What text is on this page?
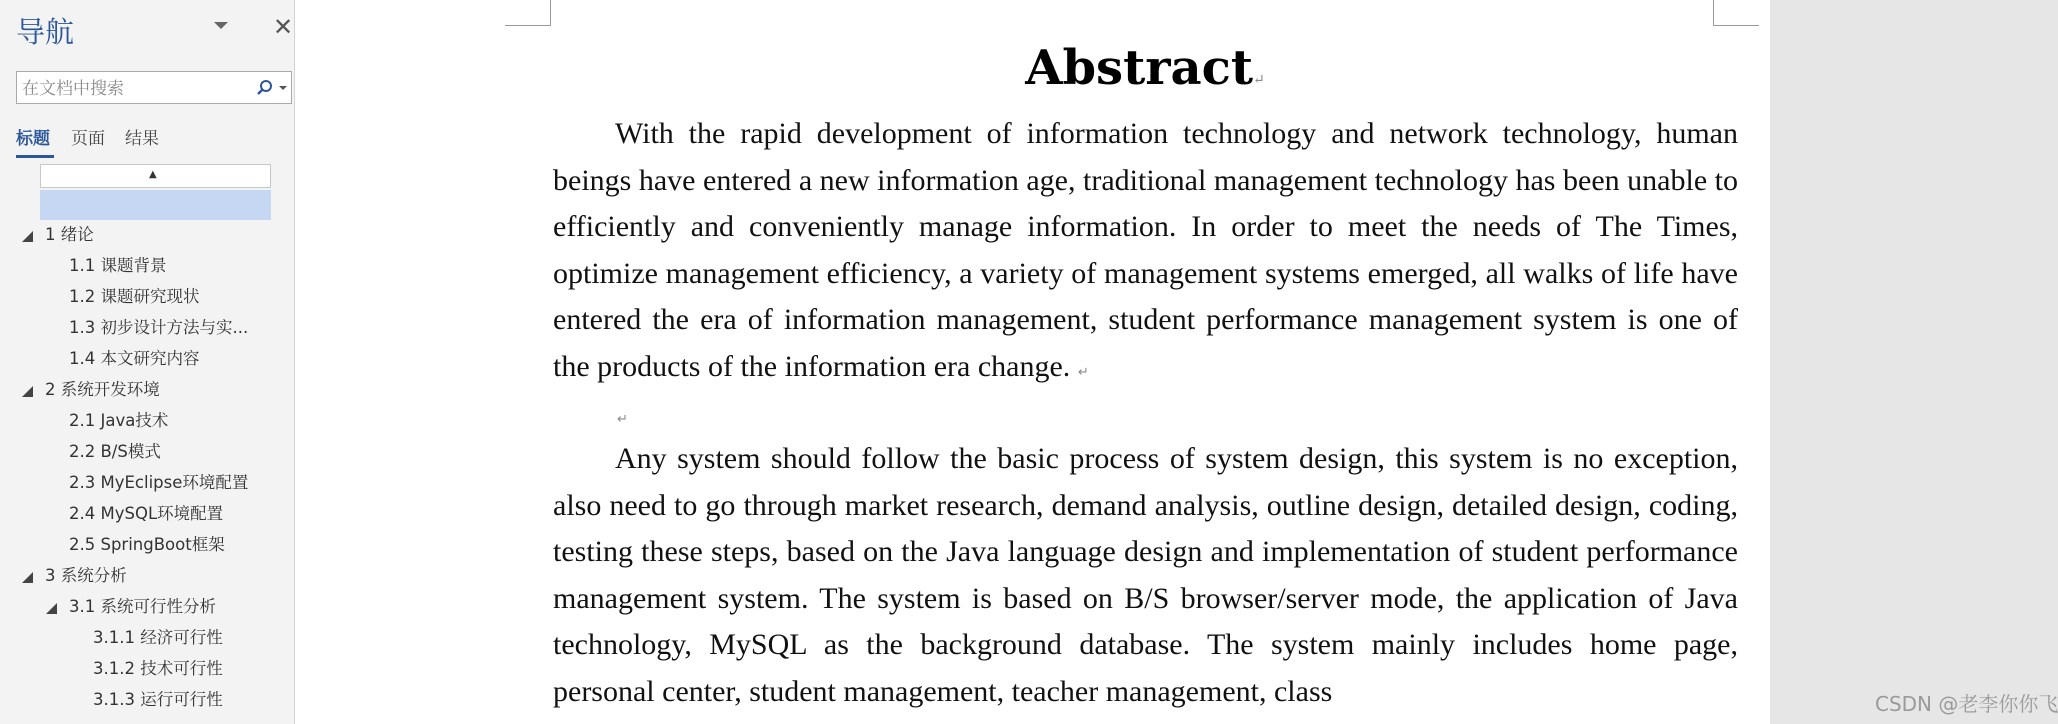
导航	✕
在文档中搜索
标题 页面 结果
▲
1 绪论
1.1 课题背景
1.2 课题研究现状
1.3 初步设计方法与实...
1.4 本文研究内容
2 系统开发环境
2.1 Java技术
2.2 B/S模式
2.3 MyEclipse环境配置
2.4 MySQL环境配置
2.5 SpringBoot框架
3 系统分析
3.1 系统可行性分析
3.1.1 经济可行性
3.1.2 技术可行性
3.1.3 运行可行性
Abstract↵
With the rapid development of information technology and network technology, human beings have entered a new information age, traditional management technology has been unable to efficiently and conveniently manage information. In order to meet the needs of The Times, optimize management efficiency, a variety of management systems emerged, all walks of life have entered the era of information management, student performance management system is one of the products of the information era change. ↵
↵
Any system should follow the basic process of system design, this system is no exception, also need to go through market research, demand analysis, outline design, detailed design, coding, testing these steps, based on the Java language design and implementation of student performance management system. The system is based on B/S browser/server mode, the application of Java technology, MySQL as the background database. The system mainly includes home page, personal center, student management, teacher management, class	CSDN @老李你你飞
